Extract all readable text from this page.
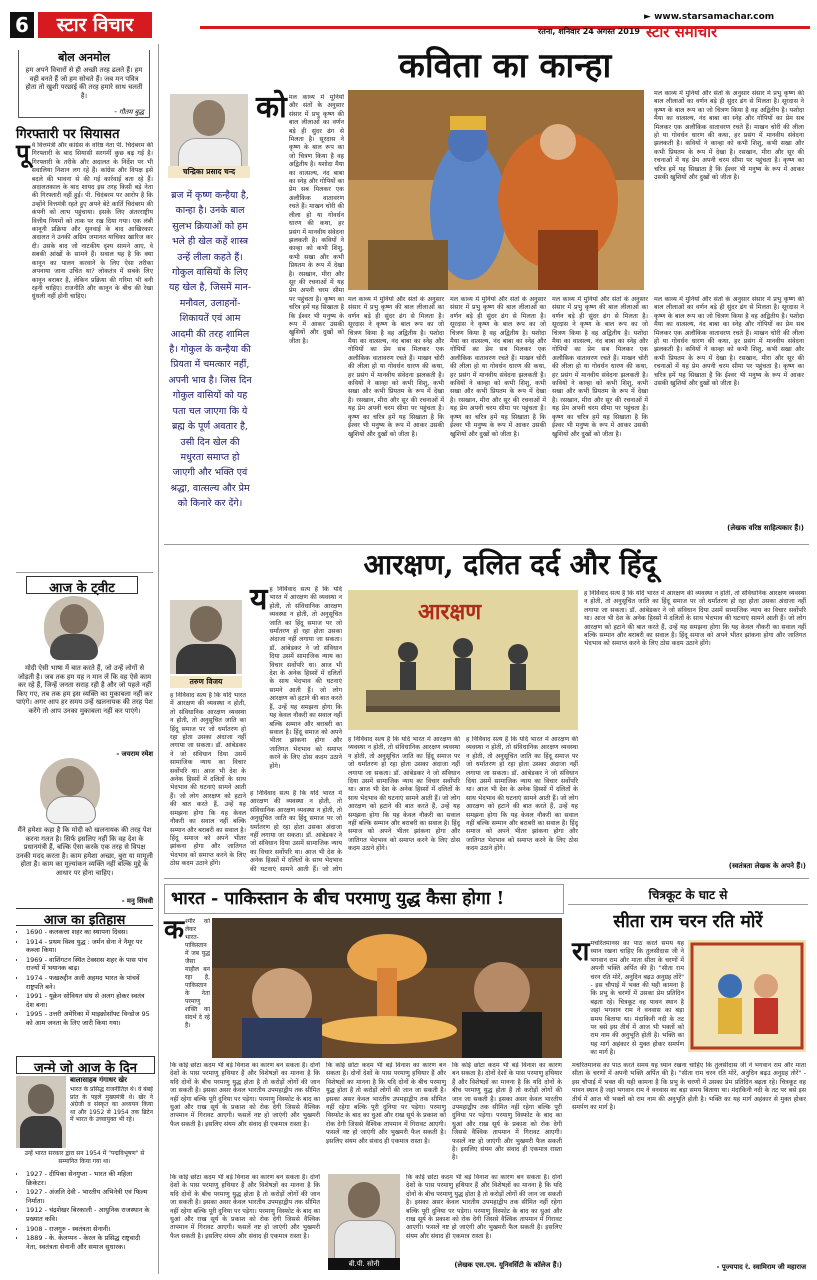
6	स्टार विचार	► www.starsamachar.com
रतना, शनिवार 24 अगस्त 2019 स्टार समाचार
बोल अनमोल
हम अपने विचारों से ही अच्छी तरह ढलते हैं। हम वही बनते हैं जो हम सोचते हैं। जब मन पवित्र होता तो खुशी परछाई की तरह हमारे साथ चलती है।
- गौतम बुद्ध
गिरफ्तारी पर सियासत
पू र्व वित्तमंत्री और कांग्रेस के वरिष्ठ नेता पी. चिदंबरम की गिरफ्तारी के बाद सियासी सरगर्मी कुछ बढ़ गई है। गिरफ्तारी के तरीके और अदालत के निर्देश पर भी सवालिया निशान लग रहे हैं। कांग्रेस और विपक्ष इसे बदले की भावना से की गई कार्रवाई बता रहे हैं। अदालतकाल के बाद शायद इस तरह किसी बड़े नेता की गिरफ्तारी नहीं हुई। पी. चिदंबरम पर आरोप है कि उन्होंने वित्तमंत्री रहते हुए अपने बेटे कार्ति चिदंबरम की कंपनी को लाभ पहुंचाया। इसके लिए अंतरराष्ट्रीय वित्तीय नियमों को ताक पर रख दिया गया। एक लंबी कानूनी प्रक्रिया और सुनवाई के बाद आखिरकार अदालत ने उनकी अग्रिम जमानत याचिका खारिज कर दी। उसके बाद जो नाटकीय दृश्य सामने आए, वे सबकी आंखों के सामने हैं। सवाल यह है कि क्या कानून का पालन करवाने के लिए ऐसा तरीका अपनाया जाना उचित था? लोकतंत्र में सबके लिए कानून बराबर है, लेकिन प्रक्रिया की गरिमा भी बनी रहनी चाहिए। राजनीति और कानून के बीच की रेखा धुंधली नहीं होनी चाहिए।
आज के ट्वीट
मोदी ऐसी भाषा में बात करते हैं, जो उन्हें लोगों से जोड़ती है। जब तक हम यह न मान लें कि वह ऐसे काम कर रहे हैं, जिन्हें जनता सराह रही है और जो पहले नहीं किए गए, तब तक हम इस व्यक्ति का मुकाबला नहीं कर पाएंगे। अगर आप हर समय उन्हें खलनायक की तरह पेश करेंगे तो आप उनका मुकाबला नहीं कर पाएंगे।
- जयराम रमेश
मैंने हमेशा कहा है कि मोदी को खलनायक की तरह पेश करना गलत है। सिर्फ इसलिए नहीं कि वह देश के प्रधानमंत्री हैं, बल्कि ऐसा करके एक तरह से विपक्ष उनकी मदद करता है। काम हमेशा अच्छा, बुरा या मामूली होता है। काम का मूल्यांकन व्यक्ति नहीं बल्कि मुद्दे के आधार पर होना चाहिए।
- मनु सिंघवी
आज का इतिहास
• 1690 - कलकत्ता शहर का स्थापना दिवस।
• 1914 - प्रथम विश्व युद्ध : जर्मन सेना ने नैमूर पर कब्जा किया।
• 1969 - वाशिंगटन स्थित टेक्सास शहर के पास पांच राज्यों में भयानक बाढ़।
• 1974 - फखरुद्दीन अली अहमद भारत के पांचवें राष्ट्रपति बने।
• 1991 - यूक्रेन सोवियत संघ से अलग होकर स्वतंत्र देश बना।
• 1995 - उत्तरी अमेरिका में माइक्रोसॉफ्ट विन्डोज 95 को आम जनता के लिए जारी किया गया।
जन्मे जो आज के दिन
बालासाहब गंगाधर खेर
भारत के प्रसिद्ध राजनीतिज्ञ थे। वे बंबई प्रांत के पहले मुख्यमंत्री थे। खेर ने अंग्रेजी व संस्कृत का अध्ययन किया था और 1952 से 1954 तक ब्रिटेन में भारत के उच्चायुक्त भी रहे।
उन्हें भारत सरकार द्वारा सन 1954 में "पद्मविभूषण" से सम्मानित किया गया था।
• 1927 - दीपिका सेनगुप्ता - भारत की महिला क्रिकेटर।
• 1927 - अंजलि देवी - भारतीय अभिनेत्री एवं फिल्म निर्माता।
• 1912 - चंद्रशेखर बिरकाली - आधुनिक राजस्थान के प्रख्यात कवि।
• 1908 - राजगुरु - स्वतंत्रता सेनानी।
• 1889 - के. केलप्पन - केरल के प्रसिद्ध राष्ट्रवादी नेता, स्वतंत्रता सेनानी और समाज सुधारक।
कविता का कान्हा
चन्द्रिका प्रसाद चन्द
ब्रज में कृष्ण कन्हैया है, कान्हा है। उनके बाल सुलभ क्रियाओं को हम भले ही खेल कहें शास्त्र उन्हें लीला कहते हैं। गोकुल वासियों के लिए यह खेल है, जिसमें मान-मनौवल, उलाहनों-शिकायतें एवं आम आदमी की तरह शामिल है। गोकुल के कन्हैया की प्रियता में चमत्कार नहीं, अपनी भाव है। जिस दिन गोकुल वासियों को यह पता चल जाएगा कि ये ब्रह्म के पूर्ण अवतार है, उसी दिन खेल की मधुरता समाप्त हो जाएगी और भक्ति एवं श्रद्धा, वात्सल्य और प्रेम को किनारे कर देंगे।
को मल काव्य में मुनियों और संतों के अनुसार संसार में प्रभु कृष्ण की बाल लीलाओं का वर्णन बड़े ही सुंदर ढंग से मिलता है। सूरदास ने कृष्ण के बाल रूप का जो चित्रण किया है वह अद्वितीय है। यशोदा मैया का वात्सल्य, नंद बाबा का स्नेह और गोपियों का प्रेम सब मिलकर एक अलौकिक वातावरण रचते हैं। माखन चोरी की लीला हो या गोवर्धन धारण की कथा, हर प्रसंग में मानवीय संवेदना झलकती है। कवियों ने कान्हा को कभी शिशु, कभी सखा और कभी प्रियतम के रूप में देखा है। रसखान, मीरा और सूर की रचनाओं में यह प्रेम अपनी चरम सीमा पर पहुंचता है। कृष्ण का चरित्र हमें यह सिखाता है कि ईश्वर भी मनुष्य के रूप में आकर उसकी खुशियों और दुखों को जीता है।
मल काव्य में मुनियों और संतों के अनुसार संसार में प्रभु कृष्ण की बाल लीलाओं का वर्णन बड़े ही सुंदर ढंग से मिलता है। सूरदास ने कृष्ण के बाल रूप का जो चित्रण किया है वह अद्वितीय है। यशोदा मैया का वात्सल्य, नंद बाबा का स्नेह और गोपियों का प्रेम सब मिलकर एक अलौकिक वातावरण रचते हैं। माखन चोरी की लीला हो या गोवर्धन धारण की कथा, हर प्रसंग में मानवीय संवेदना झलकती है। कवियों ने कान्हा को कभी शिशु, कभी सखा और कभी प्रियतम के रूप में देखा है। रसखान, मीरा और सूर की रचनाओं में यह प्रेम अपनी चरम सीमा पर पहुंचता है। कृष्ण का चरित्र हमें यह सिखाता है कि ईश्वर भी मनुष्य के रूप में आकर उसकी खुशियों और दुखों को जीता है।
मल काव्य में मुनियों और संतों के अनुसार संसार में प्रभु कृष्ण की बाल लीलाओं का वर्णन बड़े ही सुंदर ढंग से मिलता है। सूरदास ने कृष्ण के बाल रूप का जो चित्रण किया है वह अद्वितीय है। यशोदा मैया का वात्सल्य, नंद बाबा का स्नेह और गोपियों का प्रेम सब मिलकर एक अलौकिक वातावरण रचते हैं। माखन चोरी की लीला हो या गोवर्धन धारण की कथा, हर प्रसंग में मानवीय संवेदना झलकती है। कवियों ने कान्हा को कभी शिशु, कभी सखा और कभी प्रियतम के रूप में देखा है। रसखान, मीरा और सूर की रचनाओं में यह प्रेम अपनी चरम सीमा पर पहुंचता है। कृष्ण का चरित्र हमें यह सिखाता है कि ईश्वर भी मनुष्य के रूप में आकर उसकी खुशियों और दुखों को जीता है।
मल काव्य में मुनियों और संतों के अनुसार संसार में प्रभु कृष्ण की बाल लीलाओं का वर्णन बड़े ही सुंदर ढंग से मिलता है। सूरदास ने कृष्ण के बाल रूप का जो चित्रण किया है वह अद्वितीय है। यशोदा मैया का वात्सल्य, नंद बाबा का स्नेह और गोपियों का प्रेम सब मिलकर एक अलौकिक वातावरण रचते हैं। माखन चोरी की लीला हो या गोवर्धन धारण की कथा, हर प्रसंग में मानवीय संवेदना झलकती है। कवियों ने कान्हा को कभी शिशु, कभी सखा और कभी प्रियतम के रूप में देखा है। रसखान, मीरा और सूर की रचनाओं में यह प्रेम अपनी चरम सीमा पर पहुंचता है। कृष्ण का चरित्र हमें यह सिखाता है कि ईश्वर भी मनुष्य के रूप में आकर उसकी खुशियों और दुखों को जीता है।
मल काव्य में मुनियों और संतों के अनुसार संसार में प्रभु कृष्ण की बाल लीलाओं का वर्णन बड़े ही सुंदर ढंग से मिलता है। सूरदास ने कृष्ण के बाल रूप का जो चित्रण किया है वह अद्वितीय है। यशोदा मैया का वात्सल्य, नंद बाबा का स्नेह और गोपियों का प्रेम सब मिलकर एक अलौकिक वातावरण रचते हैं। माखन चोरी की लीला हो या गोवर्धन धारण की कथा, हर प्रसंग में मानवीय संवेदना झलकती है। कवियों ने कान्हा को कभी शिशु, कभी सखा और कभी प्रियतम के रूप में देखा है। रसखान, मीरा और सूर की रचनाओं में यह प्रेम अपनी चरम सीमा पर पहुंचता है। कृष्ण का चरित्र हमें यह सिखाता है कि ईश्वर भी मनुष्य के रूप में आकर उसकी खुशियों और दुखों को जीता है।
मल काव्य में मुनियों और संतों के अनुसार संसार में प्रभु कृष्ण की बाल लीलाओं का वर्णन बड़े ही सुंदर ढंग से मिलता है। सूरदास ने कृष्ण के बाल रूप का जो चित्रण किया है वह अद्वितीय है। यशोदा मैया का वात्सल्य, नंद बाबा का स्नेह और गोपियों का प्रेम सब मिलकर एक अलौकिक वातावरण रचते हैं। माखन चोरी की लीला हो या गोवर्धन धारण की कथा, हर प्रसंग में मानवीय संवेदना झलकती है। कवियों ने कान्हा को कभी शिशु, कभी सखा और कभी प्रियतम के रूप में देखा है। रसखान, मीरा और सूर की रचनाओं में यह प्रेम अपनी चरम सीमा पर पहुंचता है। कृष्ण का चरित्र हमें यह सिखाता है कि ईश्वर भी मनुष्य के रूप में आकर उसकी खुशियों और दुखों को जीता है।
(लेखक वरिष्ठ साहित्यकार हैं।)
आरक्षण, दलित दर्द और हिंदू
तरुण विजय
य ह निर्विवाद सत्य है कि यदि भारत में आरक्षण की व्यवस्था न होती, तो संविधानिक आरक्षण व्यवस्था न होती, तो अनुसूचित जाति का हिंदू समाज पर जो धर्मांतरण हो रहा होता उसका अंदाजा नहीं लगाया जा सकता। डॉ. आंबेडकर ने जो संविधान दिया उसमें सामाजिक न्याय का विचार सर्वोपरि था। आज भी देश के अनेक हिस्सों में दलितों के साथ भेदभाव की घटनाएं सामने आती हैं। जो लोग आरक्षण को हटाने की बात करते हैं, उन्हें यह समझना होगा कि यह केवल नौकरी का सवाल नहीं बल्कि सम्मान और बराबरी का सवाल है। हिंदू समाज को अपने भीतर झांकना होगा और जातिगत भेदभाव को समाप्त करने के लिए ठोस कदम उठाने होंगे।
आरक्षण
ह निर्विवाद सत्य है कि यदि भारत में आरक्षण की व्यवस्था न होती, तो संविधानिक आरक्षण व्यवस्था न होती, तो अनुसूचित जाति का हिंदू समाज पर जो धर्मांतरण हो रहा होता उसका अंदाजा नहीं लगाया जा सकता। डॉ. आंबेडकर ने जो संविधान दिया उसमें सामाजिक न्याय का विचार सर्वोपरि था। आज भी देश के अनेक हिस्सों में दलितों के साथ भेदभाव की घटनाएं सामने आती हैं। जो लोग
ह निर्विवाद सत्य है कि यदि भारत में आरक्षण की व्यवस्था न होती, तो संविधानिक आरक्षण व्यवस्था न होती, तो अनुसूचित जाति का हिंदू समाज पर जो धर्मांतरण हो रहा होता उसका अंदाजा नहीं लगाया जा सकता। डॉ. आंबेडकर ने जो संविधान दिया उसमें सामाजिक न्याय का विचार सर्वोपरि था। आज भी देश के अनेक हिस्सों में दलितों के साथ भेदभाव की घटनाएं सामने आती हैं। जो लोग आरक्षण को हटाने की बात करते हैं, उन्हें यह समझना होगा कि यह केवल नौकरी का सवाल नहीं बल्कि सम्मान और बराबरी का सवाल है। हिंदू समाज को अपने भीतर झांकना होगा और जातिगत भेदभाव को समाप्त करने के लिए ठोस कदम उठाने होंगे।
ह निर्विवाद सत्य है कि यदि भारत में आरक्षण की व्यवस्था न होती, तो संविधानिक आरक्षण व्यवस्था न होती, तो अनुसूचित जाति का हिंदू समाज पर जो धर्मांतरण हो रहा होता उसका अंदाजा नहीं लगाया जा सकता। डॉ. आंबेडकर ने जो संविधान दिया उसमें सामाजिक न्याय का विचार सर्वोपरि था। आज भी देश के अनेक हिस्सों में दलितों के साथ भेदभाव की घटनाएं सामने आती हैं। जो लोग आरक्षण को हटाने की बात करते हैं, उन्हें यह समझना होगा कि यह केवल नौकरी का सवाल नहीं बल्कि सम्मान और बराबरी का सवाल है। हिंदू समाज को अपने भीतर झांकना होगा और जातिगत भेदभाव को समाप्त करने के लिए ठोस कदम उठाने होंगे।
ह निर्विवाद सत्य है कि यदि भारत में आरक्षण की व्यवस्था न होती, तो संविधानिक आरक्षण व्यवस्था न होती, तो अनुसूचित जाति का हिंदू समाज पर जो धर्मांतरण हो रहा होता उसका अंदाजा नहीं लगाया जा सकता। डॉ. आंबेडकर ने जो संविधान दिया उसमें सामाजिक न्याय का विचार सर्वोपरि था। आज भी देश के अनेक हिस्सों में दलितों के साथ भेदभाव की घटनाएं सामने आती हैं। जो लोग आरक्षण को हटाने की बात करते हैं, उन्हें यह समझना होगा कि यह केवल नौकरी का सवाल नहीं बल्कि सम्मान और बराबरी का सवाल है। हिंदू समाज को अपने भीतर झांकना होगा और जातिगत भेदभाव को समाप्त करने के लिए ठोस कदम उठाने होंगे।
ह निर्विवाद सत्य है कि यदि भारत में आरक्षण की व्यवस्था न होती, तो संविधानिक आरक्षण व्यवस्था न होती, तो अनुसूचित जाति का हिंदू समाज पर जो धर्मांतरण हो रहा होता उसका अंदाजा नहीं लगाया जा सकता। डॉ. आंबेडकर ने जो संविधान दिया उसमें सामाजिक न्याय का विचार सर्वोपरि था। आज भी देश के अनेक हिस्सों में दलितों के साथ भेदभाव की घटनाएं सामने आती हैं। जो लोग आरक्षण को हटाने की बात करते हैं, उन्हें यह समझना होगा कि यह केवल नौकरी का सवाल नहीं बल्कि सम्मान और बराबरी का सवाल है। हिंदू समाज को अपने भीतर झांकना होगा और जातिगत भेदभाव को समाप्त करने के लिए ठोस कदम उठाने होंगे।
(स्वतंत्रता लेखक के अपने हैं।)
भारत - पाकिस्तान के बीच परमाणु युद्ध कैसा होगा !
क श्मीर को लेकर भारत-पाकिस्तान में जब युद्ध जैसा माहौल बन रहा है, पाकिस्तान के नेता परमाणु शक्ति का संदर्भ दे रहे हैं।
कि कोई छोटा कदम भी बड़े विनाश का कारण बन सकता है। दोनों देशों के पास परमाणु हथियार हैं और विशेषज्ञों का मानना है कि यदि दोनों के बीच परमाणु युद्ध होता है तो करोड़ों लोगों की जान जा सकती है। इसका असर केवल भारतीय उपमहाद्वीप तक सीमित नहीं रहेगा बल्कि पूरी दुनिया पर पड़ेगा। परमाणु विस्फोट के बाद का धुआं और राख सूर्य के प्रकाश को रोक देगी जिससे वैश्विक तापमान में गिरावट आएगी। फसलें नष्ट हो जाएंगी और भुखमरी फैल सकती है। इसलिए संयम और संवाद ही एकमात्र रास्ता है।
कि कोई छोटा कदम भी बड़े विनाश का कारण बन सकता है। दोनों देशों के पास परमाणु हथियार हैं और विशेषज्ञों का मानना है कि यदि दोनों के बीच परमाणु युद्ध होता है तो करोड़ों लोगों की जान जा सकती है। इसका असर केवल भारतीय उपमहाद्वीप तक सीमित नहीं रहेगा बल्कि पूरी दुनिया पर पड़ेगा। परमाणु विस्फोट के बाद का धुआं और राख सूर्य के प्रकाश को रोक देगी जिससे वैश्विक तापमान में गिरावट आएगी। फसलें नष्ट हो जाएंगी और भुखमरी फैल सकती है। इसलिए संयम और संवाद ही एकमात्र रास्ता है।
कि कोई छोटा कदम भी बड़े विनाश का कारण बन सकता है। दोनों देशों के पास परमाणु हथियार हैं और विशेषज्ञों का मानना है कि यदि दोनों के बीच परमाणु युद्ध होता है तो करोड़ों लोगों की जान जा सकती है। इसका असर केवल भारतीय उपमहाद्वीप तक सीमित नहीं रहेगा बल्कि पूरी दुनिया पर पड़ेगा। परमाणु विस्फोट के बाद का धुआं और राख सूर्य के प्रकाश को रोक देगी जिससे वैश्विक तापमान में गिरावट आएगी। फसलें नष्ट हो जाएंगी और भुखमरी फैल सकती है। इसलिए संयम और संवाद ही एकमात्र रास्ता है।
कि कोई छोटा कदम भी बड़े विनाश का कारण बन सकता है। दोनों देशों के पास परमाणु हथियार हैं और विशेषज्ञों का मानना है कि यदि दोनों के बीच परमाणु युद्ध होता है तो करोड़ों लोगों की जान जा सकती है। इसका असर केवल भारतीय उपमहाद्वीप तक सीमित नहीं रहेगा बल्कि पूरी दुनिया पर पड़ेगा। परमाणु विस्फोट के बाद का धुआं और राख सूर्य के प्रकाश को रोक देगी जिससे वैश्विक तापमान में गिरावट आएगी। फसलें नष्ट हो जाएंगी और भुखमरी फैल सकती है। इसलिए संयम और संवाद ही एकमात्र रास्ता है।
बी.पी. सोनी
कि कोई छोटा कदम भी बड़े विनाश का कारण बन सकता है। दोनों देशों के पास परमाणु हथियार हैं और विशेषज्ञों का मानना है कि यदि दोनों के बीच परमाणु युद्ध होता है तो करोड़ों लोगों की जान जा सकती है। इसका असर केवल भारतीय उपमहाद्वीप तक सीमित नहीं रहेगा बल्कि पूरी दुनिया पर पड़ेगा। परमाणु विस्फोट के बाद का धुआं और राख सूर्य के प्रकाश को रोक देगी जिससे वैश्विक तापमान में गिरावट आएगी। फसलें नष्ट हो जाएंगी और भुखमरी फैल सकती है। इसलिए संयम और संवाद ही एकमात्र रास्ता है।
(लेखक एस.एम. यूनिवर्सिटी के कॉलेज हैं।)
चित्रकूट के घाट से
सीता राम चरन रति मोरें
रा मचरितमानस का पाठ करते समय यह ध्यान रखना चाहिए कि तुलसीदास जी ने भगवान राम और माता सीता के चरणों में अपनी भक्ति अर्पित की है। "सीता राम चरन रति मोरें, अनुदिन बढ़उ अनुग्रह तोरें" - इस चौपाई में भक्त की यही कामना है कि प्रभु के चरणों में उसका प्रेम प्रतिदिन बढ़ता रहे। चित्रकूट वह पावन स्थान है जहां भगवान राम ने वनवास का बड़ा समय बिताया था। मंदाकिनी नदी के तट पर बसे इस तीर्थ में आज भी भक्तों को राम नाम की अनुभूति होती है। भक्ति का यह मार्ग अहंकार से मुक्त होकर समर्पण का मार्ग है।
मचरितमानस का पाठ करते समय यह ध्यान रखना चाहिए कि तुलसीदास जी ने भगवान राम और माता सीता के चरणों में अपनी भक्ति अर्पित की है। "सीता राम चरन रति मोरें, अनुदिन बढ़उ अनुग्रह तोरें" - इस चौपाई में भक्त की यही कामना है कि प्रभु के चरणों में उसका प्रेम प्रतिदिन बढ़ता रहे। चित्रकूट वह पावन स्थान है जहां भगवान राम ने वनवास का बड़ा समय बिताया था। मंदाकिनी नदी के तट पर बसे इस तीर्थ में आज भी भक्तों को राम नाम की अनुभूति होती है। भक्ति का यह मार्ग अहंकार से मुक्त होकर समर्पण का मार्ग है।
- पूज्यपाद रं. स्वामिराम जी महाराज
